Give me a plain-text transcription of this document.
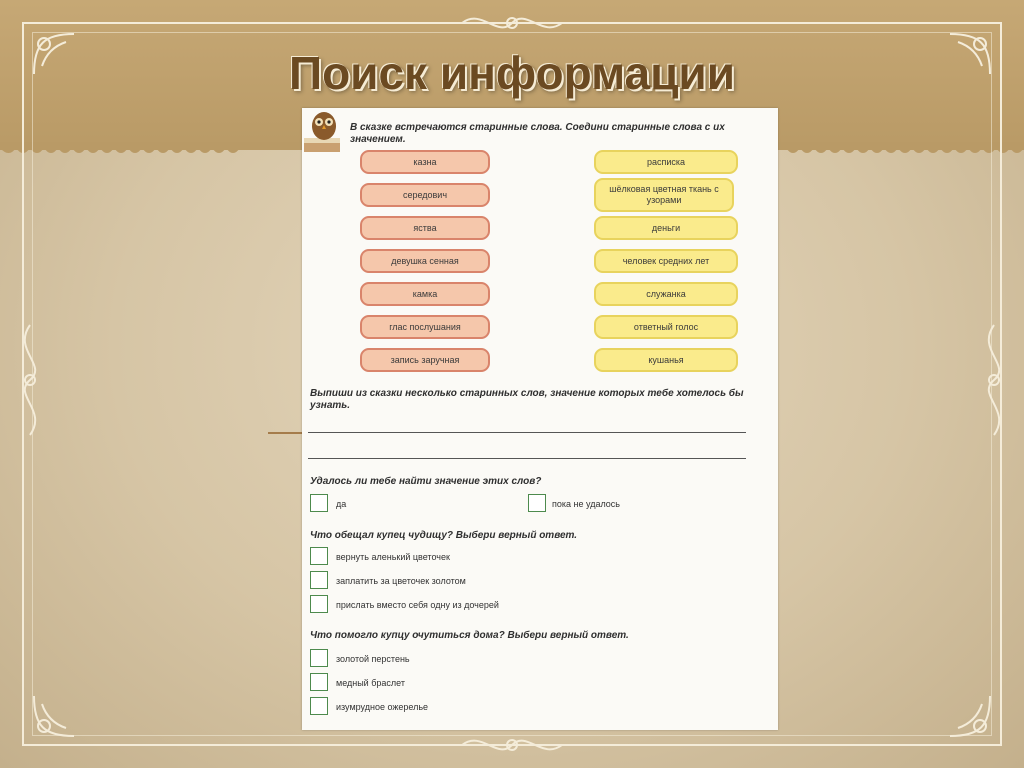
Поиск информации
В сказке встречаются старинные слова. Соедини старинные слова с их значением.
казна
середович
яства
девушка сенная
камка
глас послушания
запись заручная
расписка
шёлковая цветная ткань с узорами
деньги
человек средних лет
служанка
ответный голос
кушанья
Выпиши из сказки несколько старинных слов, значение которых тебе хотелось бы узнать.
Удалось ли тебе найти значение этих слов?
да	пока не удалось
Что обещал купец чудищу? Выбери верный ответ.
вернуть аленький цветочек
заплатить за цветочек золотом
прислать вместо себя одну из дочерей
Что помогло купцу очутиться дома? Выбери верный ответ.
золотой перстень
медный браслет
изумрудное ожерелье
